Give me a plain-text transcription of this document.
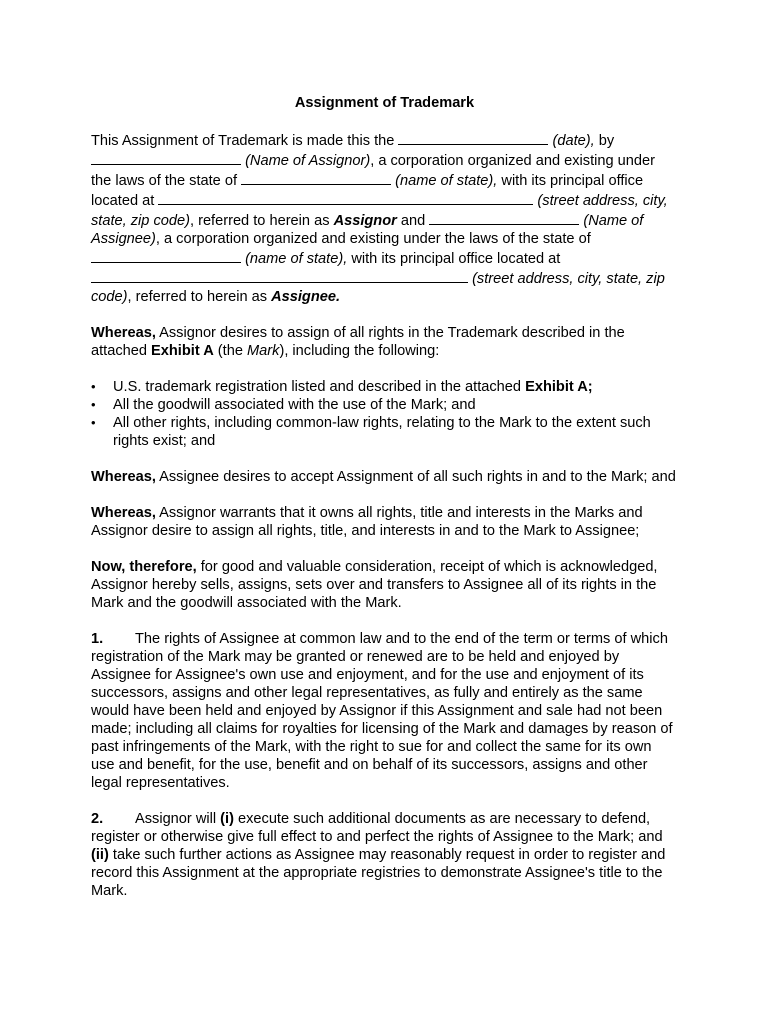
Assignment of Trademark

This Assignment of Trademark is made this the	(date), by  (Name of Assignor), a corporation organized and existing under the laws of the state of	(name of state), with its principal office located at	(street address, city, state, zip code), referred to herein as Assignor and	(Name of Assignee), a corporation organized and existing under the laws of the state of  (name of state), with its principal office located at  (street address, city, state, zip code), referred to herein as Assignee.

Whereas, Assignor desires to assign of all rights in the Trademark described in the attached Exhibit A (the Mark), including the following:

• U.S. trademark registration listed and described in the attached Exhibit A;
• All the goodwill associated with the use of the Mark; and
• All other rights, including common-law rights, relating to the Mark to the extent such rights exist; and

Whereas, Assignee desires to accept Assignment of all such rights in and to the Mark; and

Whereas, Assignor warrants that it owns all rights, title and interests in the Marks and Assignor desire to assign all rights, title, and interests in and to the Mark to Assignee;

Now, therefore, for good and valuable consideration, receipt of which is acknowledged, Assignor hereby sells, assigns, sets over and transfers to Assignee all of its rights in the Mark and the goodwill associated with the Mark.

1. The rights of Assignee at common law and to the end of the term or terms of which registration of the Mark may be granted or renewed are to be held and enjoyed by Assignee for Assignee's own use and enjoyment, and for the use and enjoyment of its successors, assigns and other legal representatives, as fully and entirely as the same would have been held and enjoyed by Assignor if this Assignment and sale had not been made; including all claims for royalties for licensing of the Mark and damages by reason of past infringements of the Mark, with the right to sue for and collect the same for its own use and benefit, for the use, benefit and on behalf of its successors, assigns and other legal representatives.

2. Assignor will (i) execute such additional documents as are necessary to defend, register or otherwise give full effect to and perfect the rights of Assignee to the Mark; and (ii) take such further actions as Assignee may reasonably request in order to register and record this Assignment at the appropriate registries to demonstrate Assignee's title to the Mark.
